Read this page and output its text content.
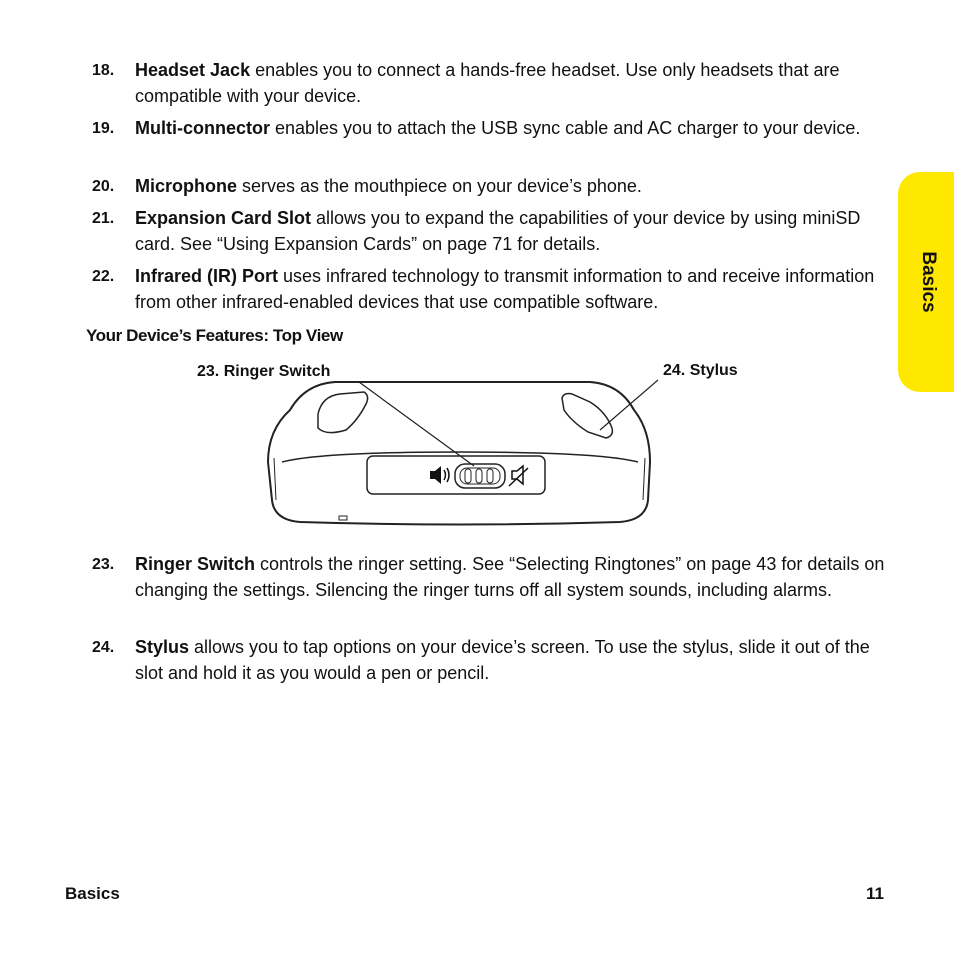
18. Headset Jack enables you to connect a hands-free headset. Use only headsets that are compatible with your device.
19. Multi-connector enables you to attach the USB sync cable and AC charger to your device.
20. Microphone serves as the mouthpiece on your device’s phone.
21. Expansion Card Slot allows you to expand the capabilities of your device by using miniSD card. See “Using Expansion Cards” on page 71 for details.
22. Infrared (IR) Port uses infrared technology to transmit information to and receive information from other infrared-enabled devices that use compatible software.
Your Device’s Features: Top View
23. Ringer Switch	24. Stylus
23. Ringer Switch controls the ringer setting. See “Selecting Ringtones” on page 43 for details on changing the settings. Silencing the ringer turns off all system sounds, including alarms.
24. Stylus allows you to tap options on your device’s screen. To use the stylus, slide it out of the slot and hold it as you would a pen or pencil.
Basics
Basics	11
